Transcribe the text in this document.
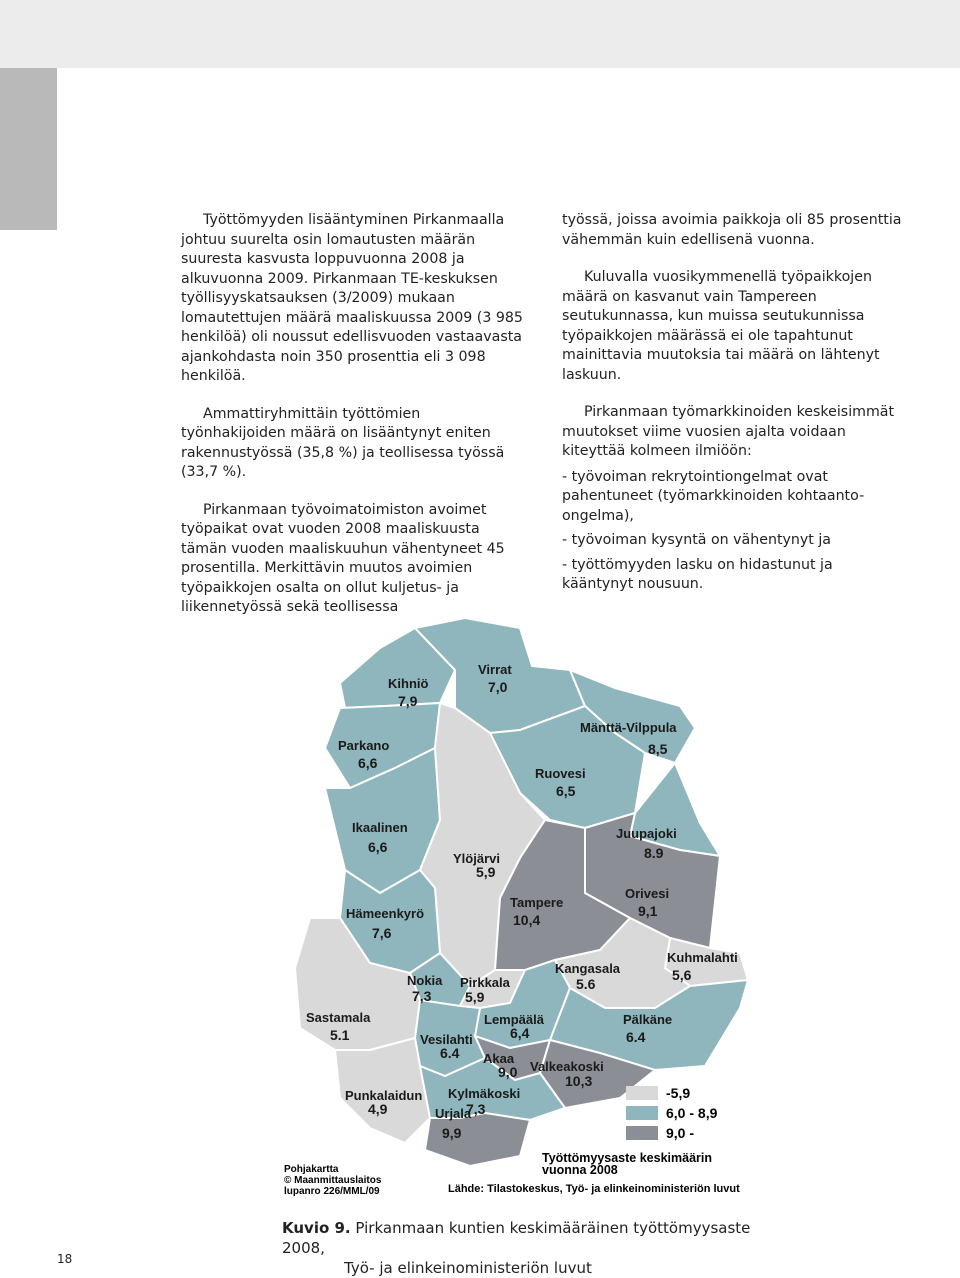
Työttömyyden lisääntyminen Pirkanmaalla johtuu suurelta osin lomautusten määrän suuresta kasvusta loppuvuonna 2008 ja alkuvuonna 2009. Pirkanmaan TE-keskuksen työllisyyskatsauksen (3/2009) mukaan lomautettujen määrä maaliskuussa 2009 (3 985 henkilöä) oli noussut edellisvuoden vastaavasta ajankohdasta noin 350 prosenttia eli 3 098 henkilöä.

Ammattiryhmittäin työttömien työnhakijoiden määrä on lisääntynyt eniten rakennustyössä (35,8 %) ja teollisessa työssä (33,7 %).

Pirkanmaan työvoimatoimiston avoimet työpaikat ovat vuoden 2008 maaliskuusta tämän vuoden maaliskuuhun vähentyneet 45 prosentilla. Merkittävin muutos avoimien työpaikkojen osalta on ollut kuljetus- ja liikennetyössä sekä teollisessa

työssä, joissa avoimia paikkoja oli 85 prosenttia vähemmän kuin edellisenä vuonna.

Kuluvalla vuosikymmenellä työpaikkojen määrä on kasvanut vain Tampereen seutukunnassa, kun muissa seutukunnissa työpaikkojen määrässä ei ole tapahtunut mainittavia muutoksia tai määrä on lähtenyt laskuun.

Pirkanmaan työmarkkinoiden keskeisimmät muutokset viime vuosien ajalta voidaan kiteyttää kolmeen ilmiöön:

- työvoiman rekrytointiongelmat ovat pahentuneet (työmarkkinoiden kohtaanto-ongelma),

- työvoiman kysyntä on vähentynyt ja

- työttömyyden lasku on hidastunut ja kääntynyt nousuun.

Kihniö
7,9
Virrat
7,0
Mänttä-Vilppula
8,5
Parkano
6,6
Ruovesi
6,5
Ikaalinen
6,6
Juupajoki
8.9
Ylöjärvi
5,9
Orivesi
9,1
Tampere
10,4
Hämeenkyrö
7,6
Kuhmalahti
5,6
Kangasala
5.6
Nokia
7,3
Pirkkala
5,9
Sastamala
5.1
Lempäälä
6,4
Pälkäne
6.4
Vesilahti
6.4 Akaa
9,0 Valkeakoski
10,3
Punkalaidun
4,9
Kylmäkoski
7,3
Urjala
9,9
-5,9
6,0 - 8,9
9,0 -
Työttömyysaste keskimäärin
vuonna 2008
Pohjakartta
© Maanmittauslaitos
lupanro 226/MML/09	Lähde: Tilastokeskus, Työ- ja elinkeinoministeriön luvut
Kuvio 9. Pirkanmaan kuntien keskimääräinen työttömyysaste 2008,
Työ- ja elinkeinoministeriön luvut
18
